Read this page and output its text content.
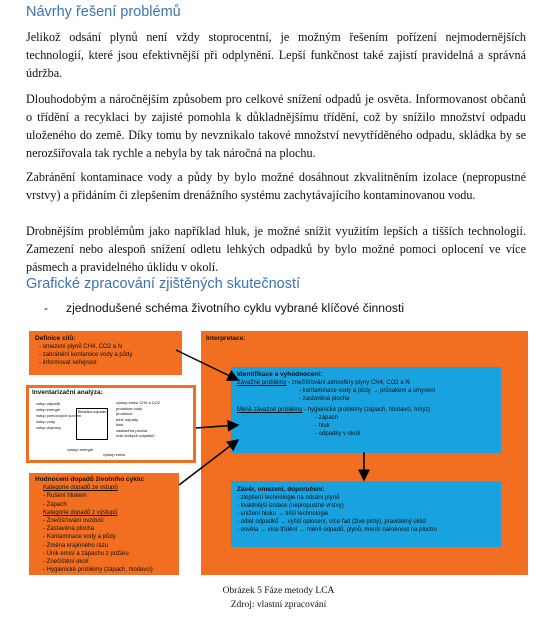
Návrhy řešení problémů
Jelikož odsání plynů není vždy stoprocentní, je možným řešením pořízení nejmodernějších technologií, které jsou efektivnější při odplynění. Lepší funkčnost také zajistí pravidelná a správná údržba.
Dlouhodobým a náročnějším způsobem pro celkové snížení odpadů je osvěta. Informovanost občanů o třídění a recyklaci by zajisté pomohla k důkladnějšímu třídění, což by snížilo množství odpadu uloženého do země. Díky tomu by nevznikalo takové množství nevytříděného odpadu, skládka by se nerozšiřovala tak rychle a nebyla by tak náročná na plochu.
Zabránění kontaminace vody a půdy by bylo možné dosáhnout zkvalitněním izolace (nepropustné vrstvy) a přidáním či zlepšením drenážního systému zachytávajícího kontaminovanou vodu.
Drobnějším problémům jako například hluk, je možné snížit využitím lepších a tišších technologií. Zamezení nebo alespoň snížení odletu lehkých odpadků by bylo možné pomoci oplocení ve více pásmech a pravidelného úklidu v okolí.
Grafické zpracování zjištěných skutečností
- zjednodušené schéma životního cyklu vybrané klíčové činnosti
Definice cílů:
- omezení plynů CH4, CO2 a N
- zabránění kontamice vody a půdy
- informovat veřejnost
Inventarizační analýza:
vstup odpadů
vstup energie
vstup pomocných surovin
vstup vody
vstup dopravy
Skládka odpadu
výstup emisí CH4 a CO2
produkce vody
produkce
tuhé odpady
hluk
zastavěná plocha
únik lehkých odpadků
výstup energie
výstup emisí
Hodnocení dopadů životního cyklu:
Kategorie dopadů ze vstupů
- Rušení hlukem
- Zápach
Kategorie dopadů z výstupů
- Znečišťování ovzduší
- Zastavěná plocha
- Kontaminace vody a půdy
- Změna krajinného rázu
- Únik emisí a zápachu z požáru
- Znečištění okolí
- Hygienické problémy (zápach, hlodavci)
Interpretace:
Identifikace a vyhodnocení:
Závažné problémy - znečišťování atmosféry plyny CH4, CO2 a N
- kontaminace vody a půdy → průsakem a smyvem
- zastavěná plocha
Méně závažné problémy - hygienické problémy (zápach, hlodavci, hmyz)
- zápach
- hluk
- odpadky v okolí
Závěr, omezení, doporučení:
- zlepšení technologie na odsání plynů
- kvalitnější izolace (nepropustné vrstvy)
- snížení hluku → tišší technologie
- odlet odpadků → vyšší oplocení, více řad (živé ploty), pravidelný úklid
- osvěta → více třídění → méně odpadů, plynů, menší nároènost na plochu
Obrázek 5 Fáze metody LCA
Zdroj: vlastní zpracování
